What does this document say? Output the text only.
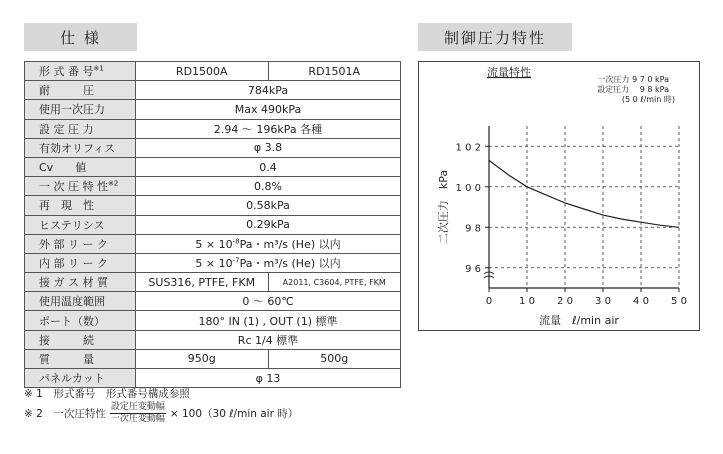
仕 様	制御圧力特性
形 式 番 号$^{※1}$	RD1500A	RD1501A
耐　　　圧	784kPa	
使用一次圧力	Max 490kPa	
設 定 圧 力	2.94 ～ 196kPa 各種	
有効オリフィス	φ 3.8	
Cv　　値	0.4	
一 次 圧 特 性$^{※2}$	0.8%	
再　現　性	0.58kPa	
ヒステリシス	0.29kPa	
外 部 リ ー ク	$5 \times 10^{-8}Pa$・m³/s (He) 以内	
内 部 リ ー ク	$5 \times 10^{-7}Pa$・m³/s (He) 以内	
接 ガ ス 材 質	SUS316, PTFE, FKM	A2011, C3604, PTFE, FKM
使用温度範囲	0 ～ 60℃	
ポート（数）	180° IN (1) , OUT (1) 標準	
接　　　続	Rc 1/4 標準	
質　　　量	950g	500g
パネルカット	φ 13	
※ 1　形式番号　形式番号構成参照
※ 2　一次圧特性 $\frac{\text{設定圧変動幅}}{\text{一次圧変動幅}} \times 100(30$ ℓ/min air 時）
0	1 0 2 0 3 0 4 0 5 0
9 6
9 8
1 0 0
1 0 2
流量特性
一次圧力 9 7 0 kPa
設定圧力　 9 8 kPa
(5 0 ℓ/min 時)
流量　ℓ/min air
二次圧力　kPa
